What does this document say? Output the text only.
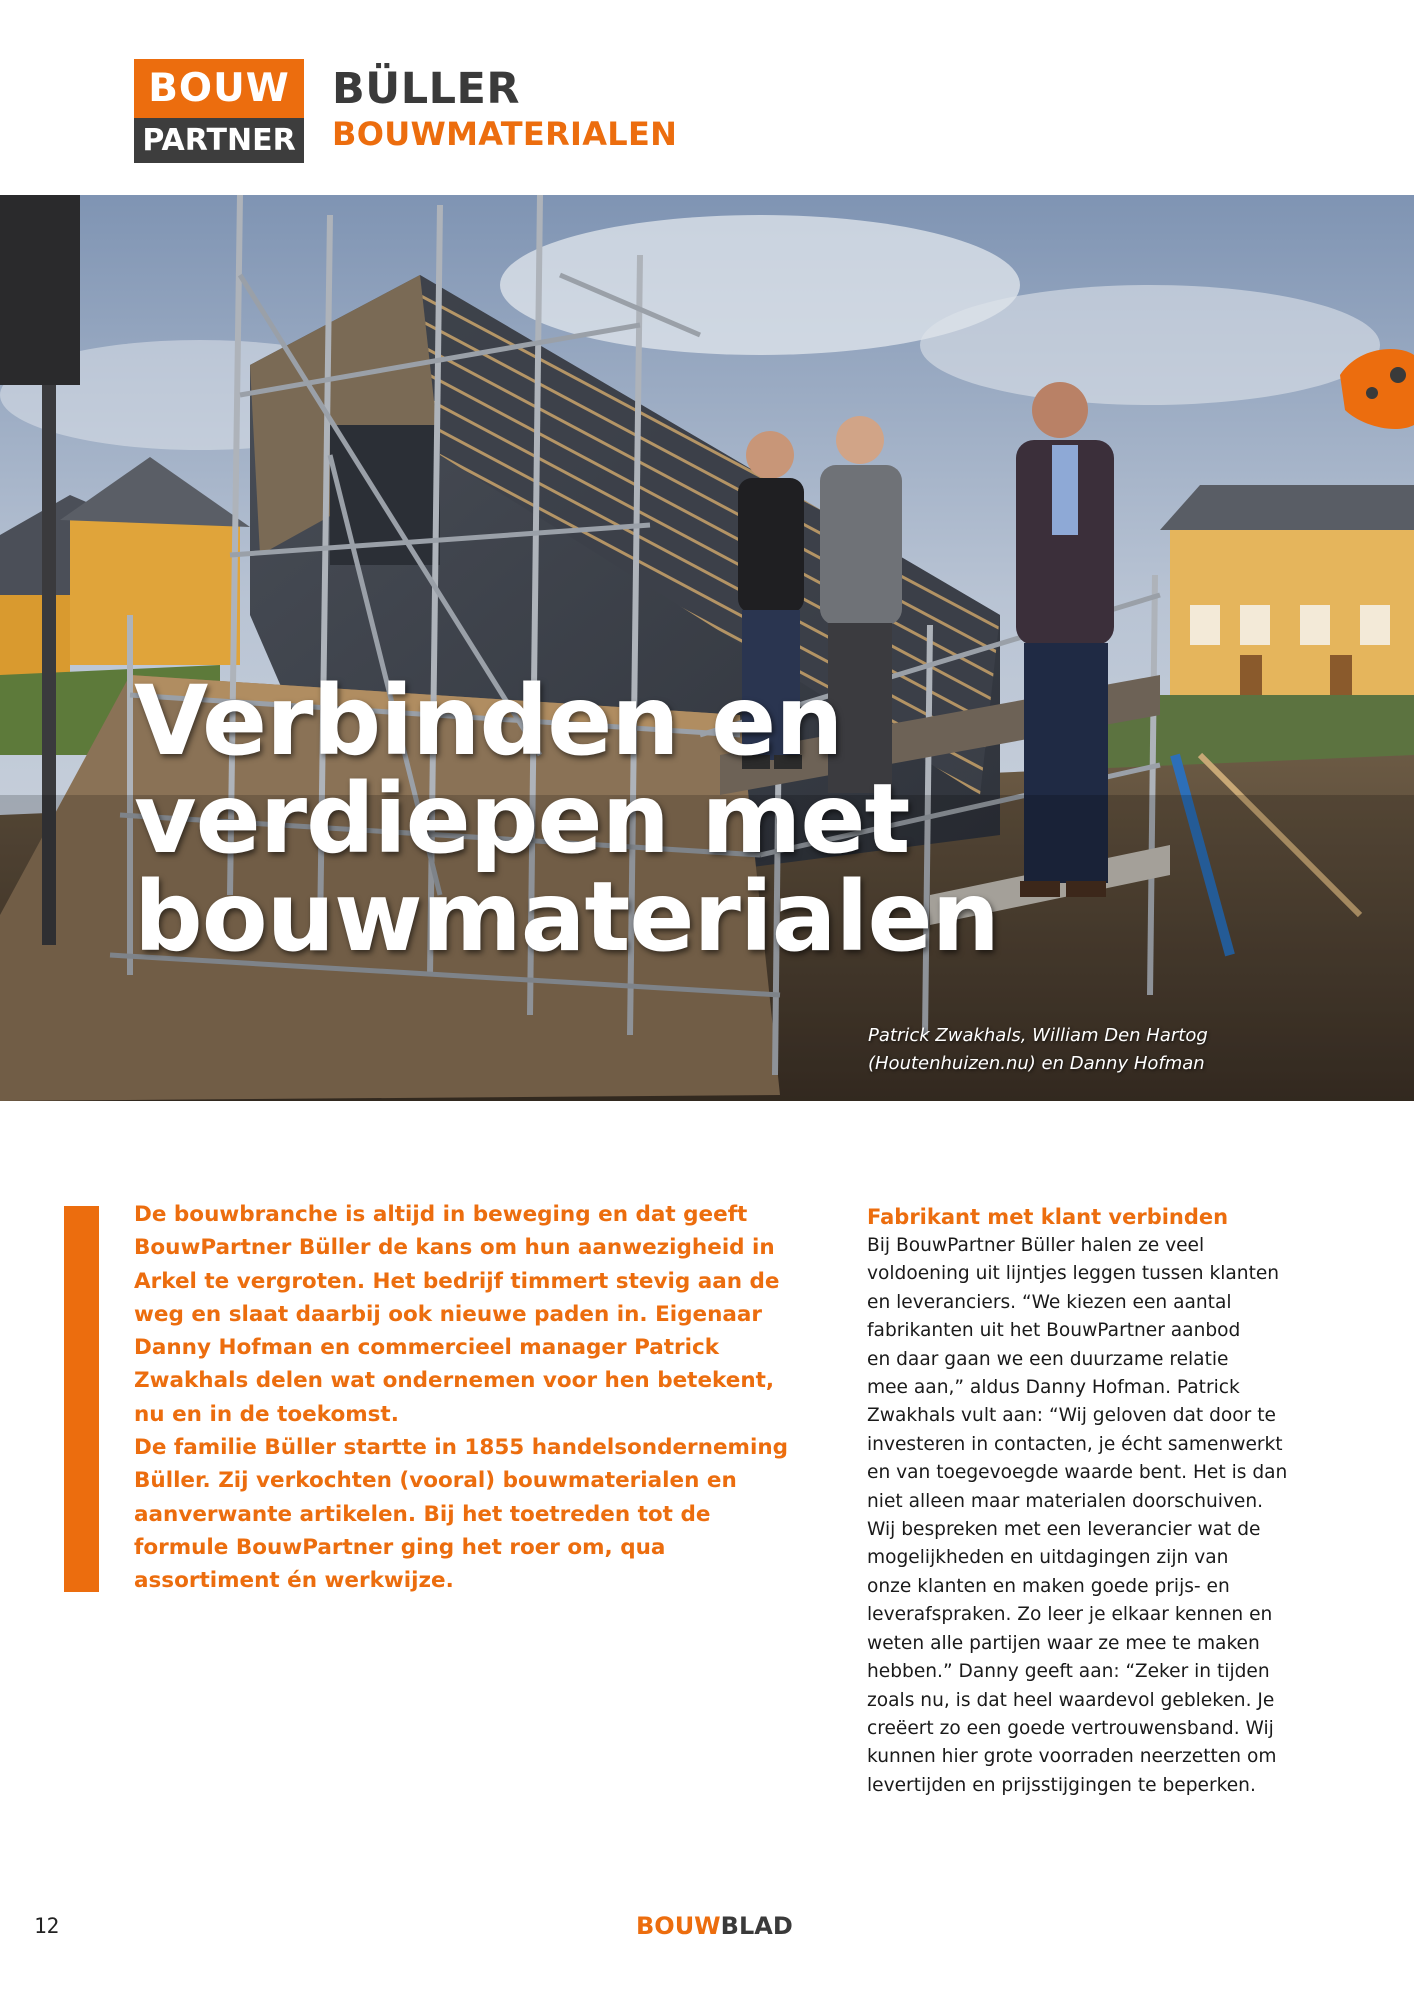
BOUW
PARTNER
BÜLLER
BOUWMATERIALEN
Verbinden en
verdiepen met
bouwmaterialen
Patrick Zwakhals, William Den Hartog
(Houtenhuizen.nu) en Danny Hofman

De bouwbranche is altijd in beweging en dat geeft BouwPartner Büller de kans om hun aanwezigheid in Arkel te vergroten. Het bedrijf timmert stevig aan de weg en slaat daarbij ook nieuwe paden in. Eigenaar Danny Hofman en commercieel manager Patrick Zwakhals delen wat ondernemen voor hen betekent, nu en in de toekomst.

De familie Büller startte in 1855 handelsonderneming Büller. Zij verkochten (vooral) bouwmaterialen en aanverwante artikelen. Bij het toetreden tot de formule BouwPartner ging het roer om, qua assortiment én werkwijze.

Fabrikant met klant verbinden
Bij BouwPartner Büller halen ze veel
voldoening uit lijntjes leggen tussen klanten
en leveranciers. “We kiezen een aantal
fabrikanten uit het BouwPartner aanbod
en daar gaan we een duurzame relatie
mee aan,” aldus Danny Hofman. Patrick
Zwakhals vult aan: “Wij geloven dat door te
investeren in contacten, je écht samenwerkt
en van toegevoegde waarde bent. Het is dan
niet alleen maar materialen doorschuiven.
Wij bespreken met een leverancier wat de
mogelijkheden en uitdagingen zijn van
onze klanten en maken goede prijs- en
leverafspraken. Zo leer je elkaar kennen en
weten alle partijen waar ze mee te maken
hebben.” Danny geeft aan: “Zeker in tijden
zoals nu, is dat heel waardevol gebleken. Je
creëert zo een goede vertrouwensband. Wij
kunnen hier grote voorraden neerzetten om
levertijden en prijsstijgingen te beperken.
12	BOUWBLAD
